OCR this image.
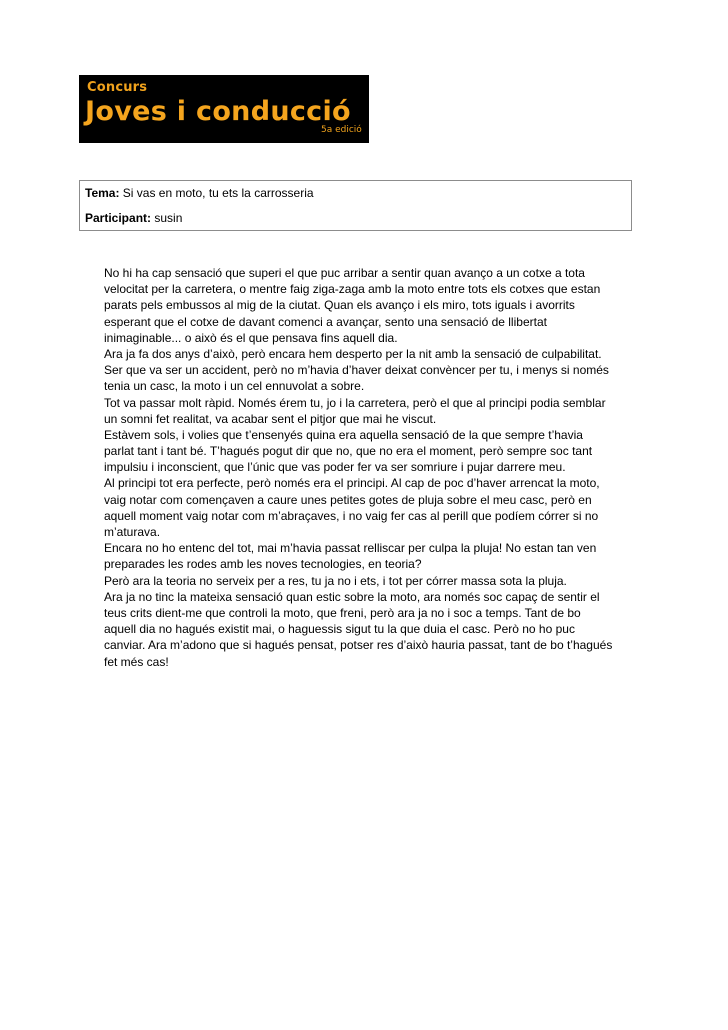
Concurs
Joves i conducció
5a edició
Tema: Si vas en moto, tu ets la carrosseria
Participant: susin
No hi ha cap sensació que superi el que puc arribar a sentir quan avanço a un cotxe a tota
velocitat per la carretera, o mentre faig ziga-zaga amb la moto entre tots els cotxes que estan
parats pels embussos al mig de la ciutat. Quan els avanço i els miro, tots iguals i avorrits
esperant que el cotxe de davant comenci a avançar, sento una sensació de llibertat
inimaginable... o això és el que pensava fins aquell dia.
Ara ja fa dos anys d’això, però encara hem desperto per la nit amb la sensació de culpabilitat.
Ser que va ser un accident, però no m’havia d’haver deixat convèncer per tu, i menys si només
tenia un casc, la moto i un cel ennuvolat a sobre.
Tot va passar molt ràpid. Només érem tu, jo i la carretera, però el que al principi podia semblar
un somni fet realitat, va acabar sent el pitjor que mai he viscut.
Estàvem sols, i volies que t’ensenyés quina era aquella sensació de la que sempre t’havia
parlat tant i tant bé. T’hagués pogut dir que no, que no era el moment, però sempre soc tant
impulsiu i inconscient, que l’únic que vas poder fer va ser somriure i pujar darrere meu.
Al principi tot era perfecte, però només era el principi. Al cap de poc d’haver arrencat la moto,
vaig notar com començaven a caure unes petites gotes de pluja sobre el meu casc, però en
aquell moment vaig notar com m’abraçaves, i no vaig fer cas al perill que podíem córrer si no
m’aturava.
Encara no ho entenc del tot, mai m’havia passat relliscar per culpa la pluja! No estan tan ven
preparades les rodes amb les noves tecnologies, en teoria?
Però ara la teoria no serveix per a res, tu ja no i ets, i tot per córrer massa sota la pluja.
Ara ja no tinc la mateixa sensació quan estic sobre la moto, ara només soc capaç de sentir el
teus crits dient-me que controli la moto, que freni, però ara ja no i soc a temps. Tant de bo
aquell dia no hagués existit mai, o haguessis sigut tu la que duia el casc. Però no ho puc
canviar. Ara m’adono que si hagués pensat, potser res d’això hauria passat, tant de bo t’hagués
fet més cas!
